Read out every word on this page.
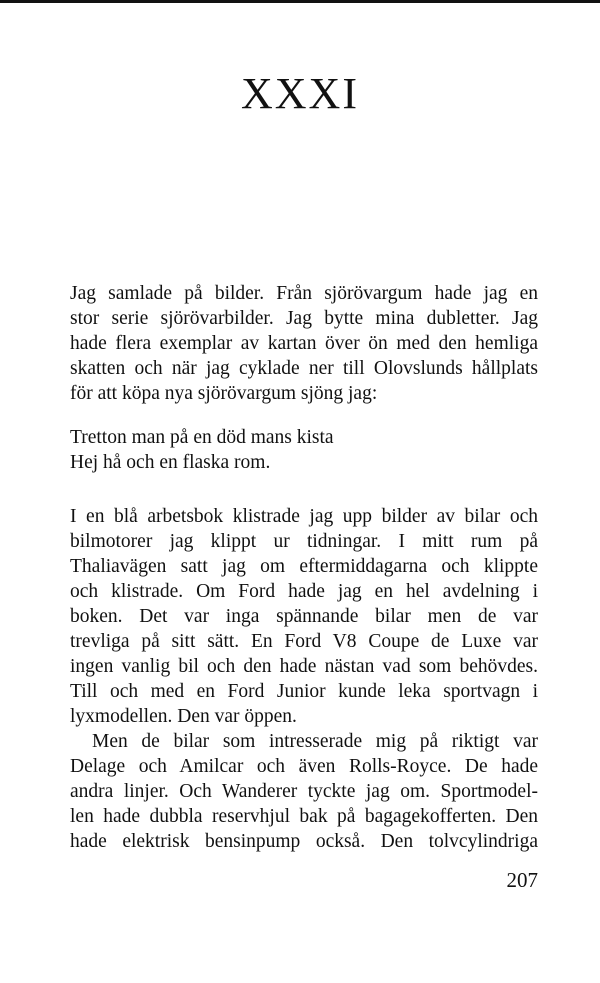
XXXI
Jag samlade på bilder. Från sjörövargum hade jag en
stor serie sjörövarbilder. Jag bytte mina dubletter. Jag
hade flera exemplar av kartan över ön med den hemliga
skatten och när jag cyklade ner till Olovslunds hållplats
för att köpa nya sjörövargum sjöng jag:
Tretton man på en död mans kista
Hej hå och en flaska rom.
I en blå arbetsbok klistrade jag upp bilder av bilar och
bilmotorer jag klippt ur tidningar. I mitt rum på
Thaliavägen satt jag om eftermiddagarna och klippte
och klistrade. Om Ford hade jag en hel avdelning i
boken. Det var inga spännande bilar men de var
trevliga på sitt sätt. En Ford V8 Coupe de Luxe var
ingen vanlig bil och den hade nästan vad som behövdes.
Till och med en Ford Junior kunde leka sportvagn i
lyxmodellen. Den var öppen.
Men de bilar som intresserade mig på riktigt var
Delage och Amilcar och även Rolls-Royce. De hade
andra linjer. Och Wanderer tyckte jag om. Sportmodel-
len hade dubbla reservhjul bak på bagagekofferten. Den
hade elektrisk bensinpump också. Den tolvcylindriga
207
